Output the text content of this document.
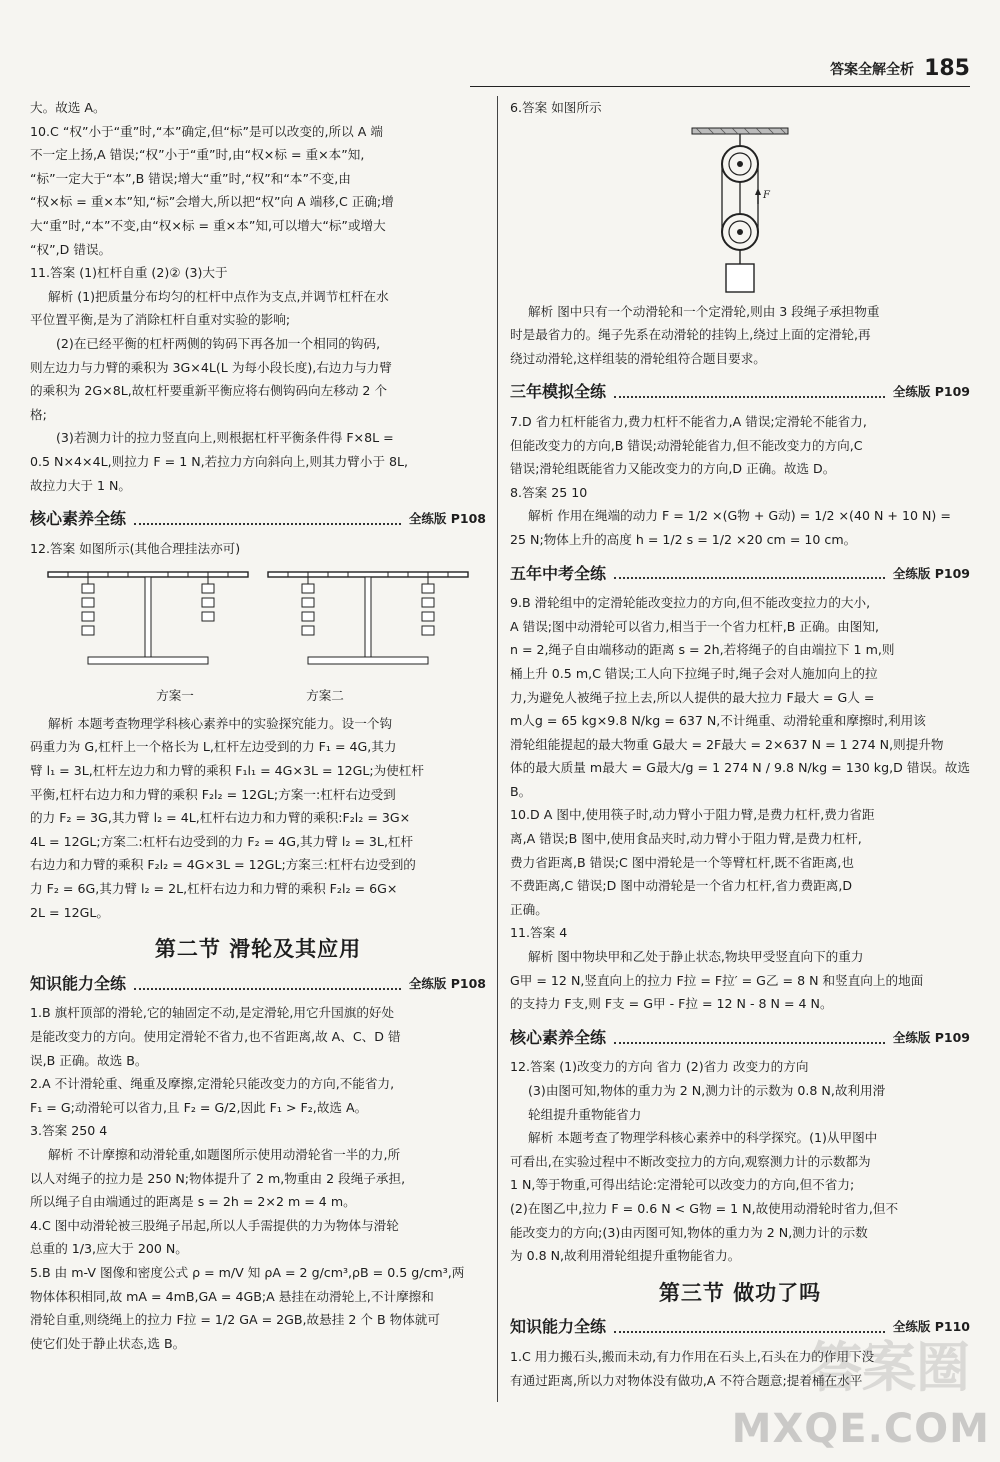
答案全解全析 185

大。故选 A。

10.C “权”小于“重”时,“本”确定,但“标”是可以改变的,所以 A 端

不一定上扬,A 错误;“权”小于“重”时,由“权×标 = 重×本”知,

“标”一定大于“本”,B 错误;增大“重”时,“权”和“本”不变,由

“权×标 = 重×本”知,“标”会增大,所以把“权”向 A 端移,C 正确;增

大“重”时,“本”不变,由“权×标 = 重×本”知,可以增大“标”或增大

“权”,D 错误。

11.答案 (1)杠杆自重 (2)② (3)大于

解析 (1)把质量分布均匀的杠杆中点作为支点,并调节杠杆在水

平位置平衡,是为了消除杠杆自重对实验的影响;

(2)在已经平衡的杠杆两侧的钩码下再各加一个相同的钩码,

则左边力与力臂的乘积为 3G×4L(L 为每小段长度),右边力与力臂

的乘积为 2G×8L,故杠杆要重新平衡应将右侧钩码向左移动 2 个

格;

(3)若测力计的拉力竖直向上,则根据杠杆平衡条件得 F×8L =

0.5 N×4×4L,则拉力 F = 1 N,若拉力方向斜向上,则其力臂小于 8L,

故拉力大于 1 N。

核心素养全练	全练版 P108

12.答案 如图所示(其他合理挂法亦可)

方案一	方案二

解析 本题考查物理学科核心素养中的实验探究能力。设一个钩

码重力为 G,杠杆上一个格长为 L,杠杆左边受到的力 F₁ = 4G,其力

臂 l₁ = 3L,杠杆左边力和力臂的乘积 F₁l₁ = 4G×3L = 12GL;为使杠杆

平衡,杠杆右边力和力臂的乘积 F₂l₂ = 12GL;方案一:杠杆右边受到

的力 F₂ = 3G,其力臂 l₂ = 4L,杠杆右边力和力臂的乘积:F₂l₂ = 3G×

4L = 12GL;方案二:杠杆右边受到的力 F₂ = 4G,其力臂 l₂ = 3L,杠杆

右边力和力臂的乘积 F₂l₂ = 4G×3L = 12GL;方案三:杠杆右边受到的

力 F₂ = 6G,其力臂 l₂ = 2L,杠杆右边力和力臂的乘积 F₂l₂ = 6G×

2L = 12GL。

第二节 滑轮及其应用
知识能力全练	全练版 P108

1.B 旗杆顶部的滑轮,它的轴固定不动,是定滑轮,用它升国旗的好处

是能改变力的方向。使用定滑轮不省力,也不省距离,故 A、C、D 错

误,B 正确。故选 B。

2.A 不计滑轮重、绳重及摩擦,定滑轮只能改变力的方向,不能省力,

F₁ = G;动滑轮可以省力,且 F₂ = G/2,因此 F₁ > F₂,故选 A。

3.答案 250 4

解析 不计摩擦和动滑轮重,如题图所示使用动滑轮省一半的力,所

以人对绳子的拉力是 250 N;物体提升了 2 m,物重由 2 段绳子承担,

所以绳子自由端通过的距离是 s = 2h = 2×2 m = 4 m。

4.C 图中动滑轮被三股绳子吊起,所以人手需提供的力为物体与滑轮

总重的 1/3,应大于 200 N。

5.B 由 m-V 图像和密度公式 ρ = m/V 知 ρA = 2 g/cm³,ρB = 0.5 g/cm³,两

物体体积相同,故 mA = 4mB,GA = 4GB;A 悬挂在动滑轮上,不计摩擦和

滑轮自重,则绕绳上的拉力 F拉 = 1/2 GA = 2GB,故悬挂 2 个 B 物体就可

使它们处于静止状态,选 B。

6.答案 如图所示

F

解析 图中只有一个动滑轮和一个定滑轮,则由 3 段绳子承担物重

时是最省力的。绳子先系在动滑轮的挂钩上,绕过上面的定滑轮,再

绕过动滑轮,这样组装的滑轮组符合题目要求。

三年模拟全练	全练版 P109

7.D 省力杠杆能省力,费力杠杆不能省力,A 错误;定滑轮不能省力,

但能改变力的方向,B 错误;动滑轮能省力,但不能改变力的方向,C

错误;滑轮组既能省力又能改变力的方向,D 正确。故选 D。

8.答案 25 10

解析 作用在绳端的动力 F = 1/2 ×(G物 + G动) = 1/2 ×(40 N + 10 N) =

25 N;物体上升的高度 h = 1/2 s = 1/2 ×20 cm = 10 cm。

五年中考全练	全练版 P109

9.B 滑轮组中的定滑轮能改变拉力的方向,但不能改变拉力的大小,

A 错误;图中动滑轮可以省力,相当于一个省力杠杆,B 正确。由图知,

n = 2,绳子自由端移动的距离 s = 2h,若将绳子的自由端拉下 1 m,则

桶上升 0.5 m,C 错误;工人向下拉绳子时,绳子会对人施加向上的拉

力,为避免人被绳子拉上去,所以人提供的最大拉力 F最大 = G人 =

m人g = 65 kg×9.8 N/kg = 637 N,不计绳重、动滑轮重和摩擦时,利用该

滑轮组能提起的最大物重 G最大 = 2F最大 = 2×637 N = 1 274 N,则提升物

体的最大质量 m最大 = G最大/g = 1 274 N / 9.8 N/kg = 130 kg,D 错误。故选 B。

10.D A 图中,使用筷子时,动力臂小于阻力臂,是费力杠杆,费力省距

离,A 错误;B 图中,使用食品夹时,动力臂小于阻力臂,是费力杠杆,

费力省距离,B 错误;C 图中滑轮是一个等臂杠杆,既不省距离,也

不费距离,C 错误;D 图中动滑轮是一个省力杠杆,省力费距离,D

正确。

11.答案 4

解析 图中物块甲和乙处于静止状态,物块甲受竖直向下的重力

G甲 = 12 N,竖直向上的拉力 F拉 = F拉′ = G乙 = 8 N 和竖直向上的地面

的支持力 F支,则 F支 = G甲 - F拉 = 12 N - 8 N = 4 N。

核心素养全练	全练版 P109

12.答案 (1)改变力的方向 省力 (2)省力 改变力的方向

(3)由图可知,物体的重力为 2 N,测力计的示数为 0.8 N,故利用滑

轮组提升重物能省力

解析 本题考查了物理学科核心素养中的科学探究。(1)从甲图中

可看出,在实验过程中不断改变拉力的方向,观察测力计的示数都为

1 N,等于物重,可得出结论:定滑轮可以改变力的方向,但不省力;

(2)在图乙中,拉力 F = 0.6 N < G物 = 1 N,故使用动滑轮时省力,但不

能改变力的方向;(3)由丙图可知,物体的重力为 2 N,测力计的示数

为 0.8 N,故利用滑轮组提升重物能省力。

第三节 做功了吗
知识能力全练	全练版 P110

1.C 用力搬石头,搬而未动,有力作用在石头上,石头在力的作用下没

有通过距离,所以力对物体没有做功,A 不符合题意;提着桶在水平

答案圈
MXQE.COM
